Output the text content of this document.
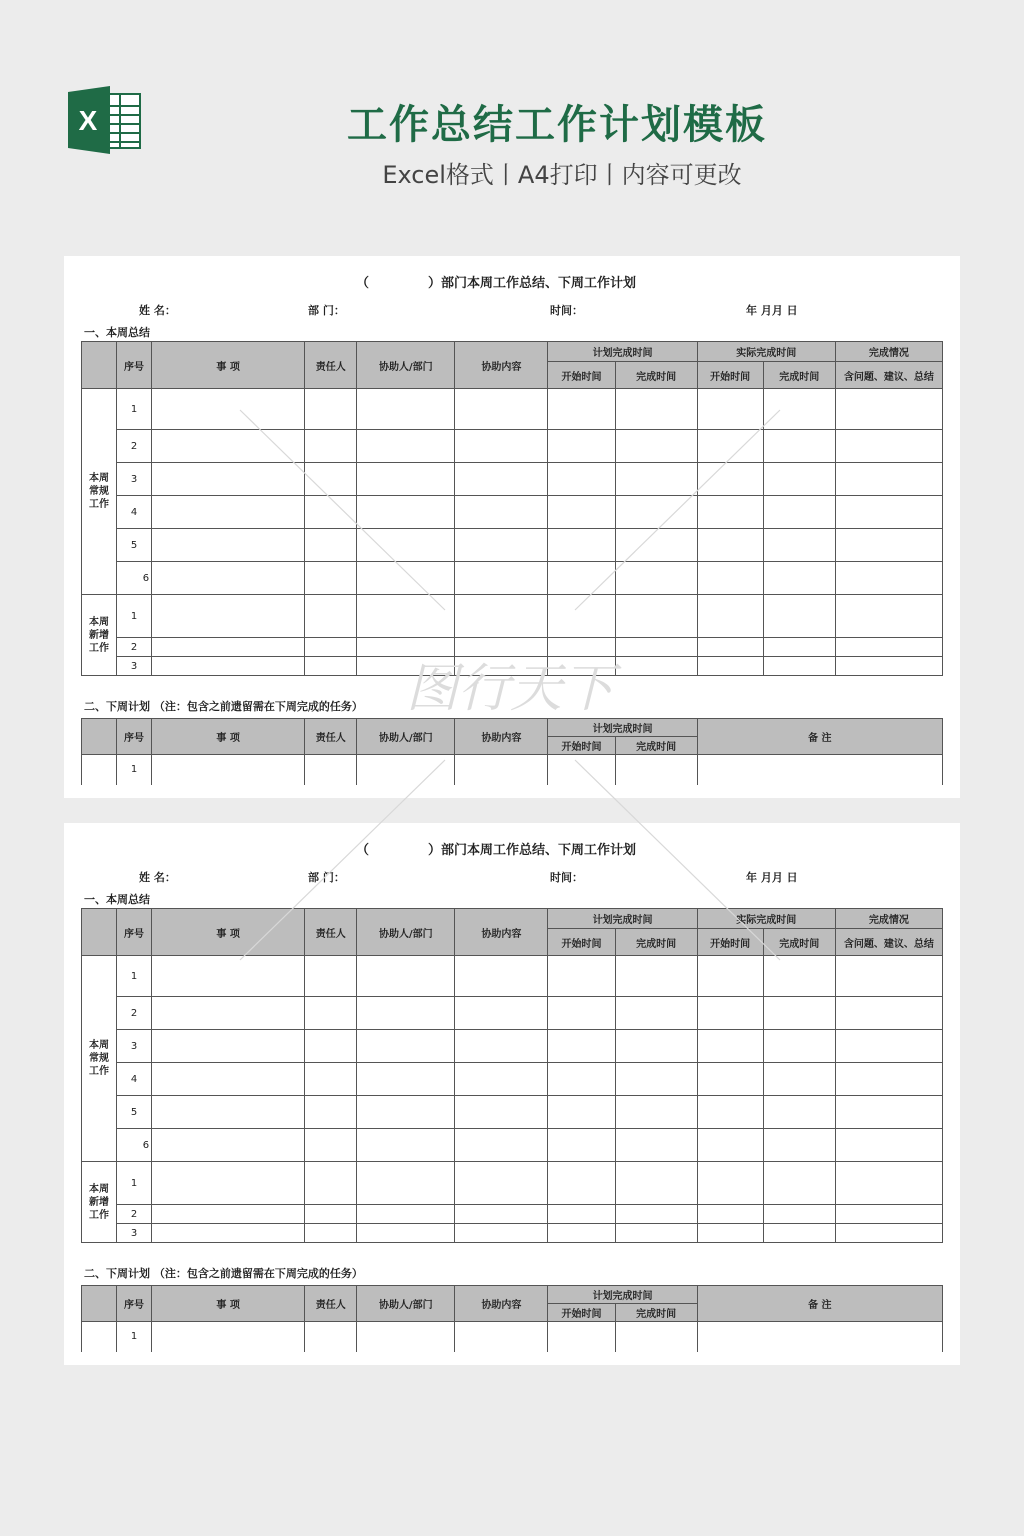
X	工作总结工作计划模板
Excel格式丨A4打印丨内容可更改
（	）部门本周工作总结、下周工作计划
姓 名：	部 门：	时间：	年 月月 日
一、本周总结
	序号	事 项	责任人	协助人/部门	协助内容	计划完成时间		实际完成时间		完成情况
						开始时间	完成时间	开始时间	完成时间	含问题、建议、总结

本周
常规
工作	1									
	2									
	3									
	4									
	5									
	6									

本周
新增
工作	1									
	2									
	3									
二、下周计划 （注：包含之前遗留需在下周完成的任务）
	序号	事 项	责任人	协助人/部门	协助内容	计划完成时间		备 注
						开始时间	完成时间	
	1							
（	）部门本周工作总结、下周工作计划
姓 名：	部 门：	时间：	年 月月 日
一、本周总结
	序号	事 项	责任人	协助人/部门	协助内容	计划完成时间		实际完成时间		完成情况
						开始时间	完成时间	开始时间	完成时间	含问题、建议、总结

本周
常规
工作	1									
	2									
	3									
	4									
	5									
	6									

本周
新增
工作	1									
	2									
	3									
二、下周计划 （注：包含之前遗留需在下周完成的任务）
	序号	事 项	责任人	协助人/部门	协助内容	计划完成时间		备 注
						开始时间	完成时间	
	1							
图行天下
